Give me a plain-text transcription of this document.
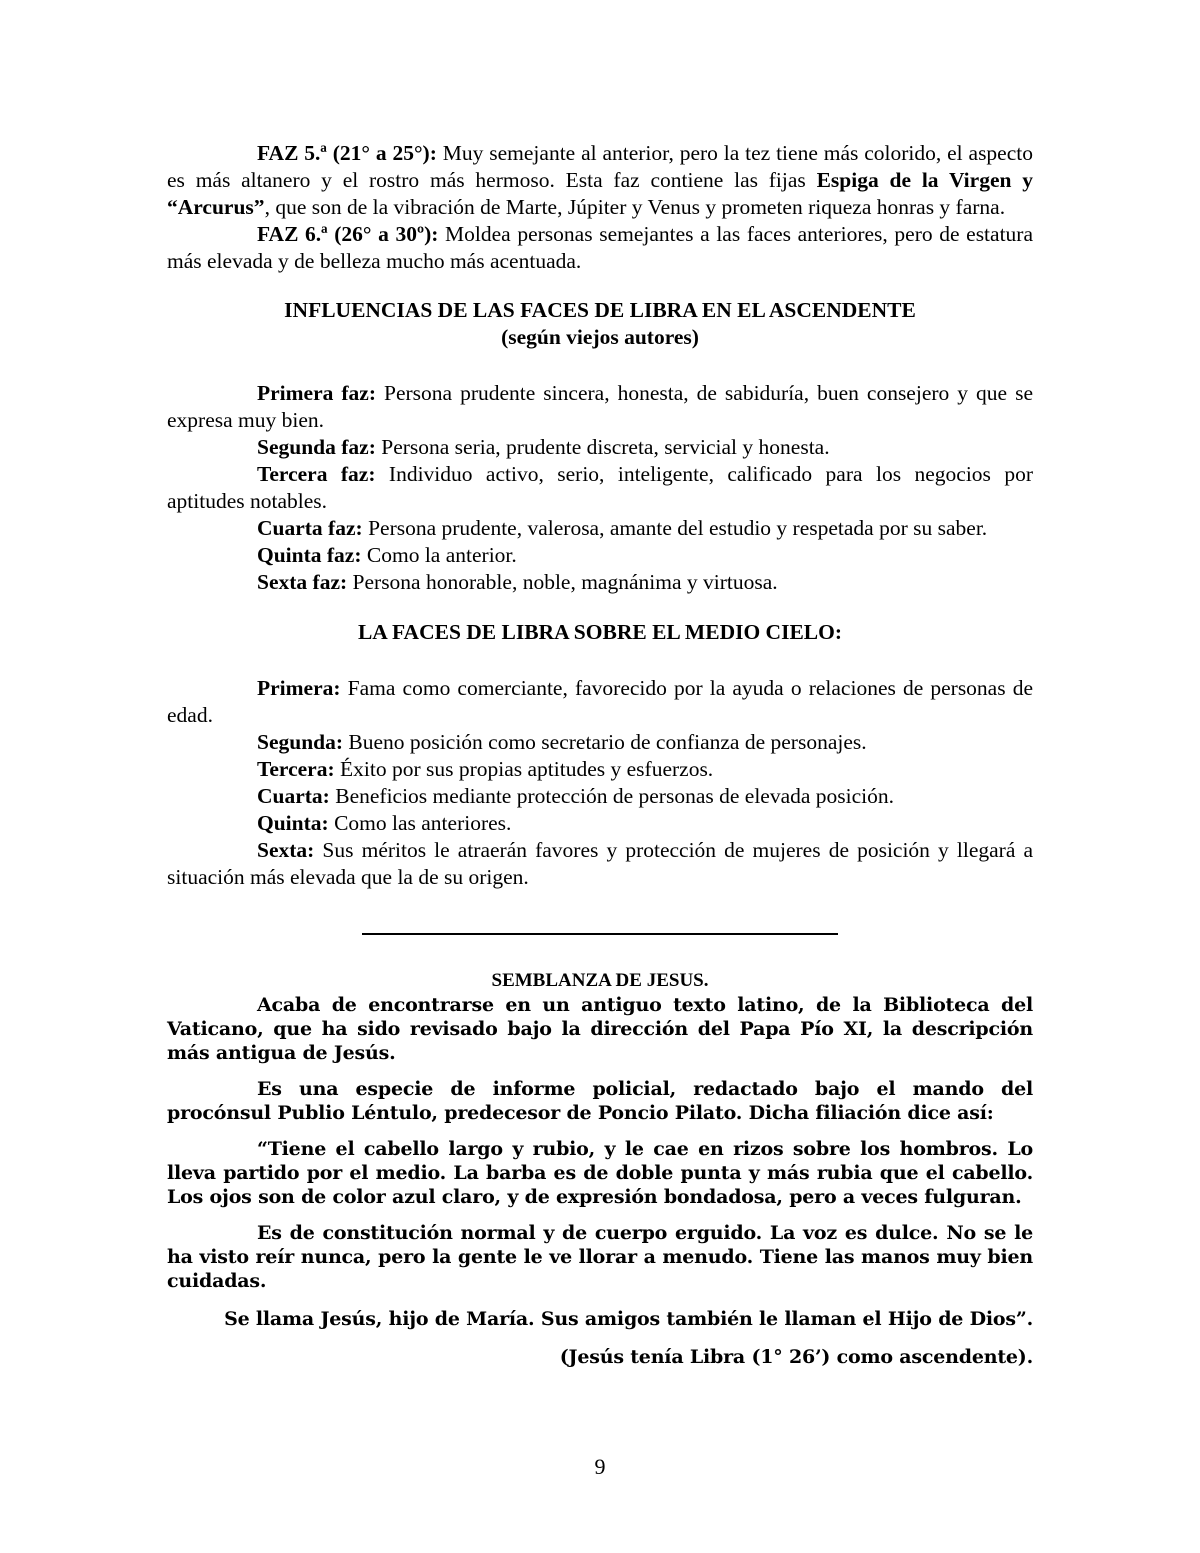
FAZ 5.ª (21° a 25°): Muy semejante al anterior, pero la tez tiene más colorido, el aspecto es más altanero y el rostro más hermoso. Esta faz contiene las fijas Espiga de la Virgen y “Arcurus”, que son de la vibración de Marte, Júpiter y Venus y prometen riqueza honras y farna.

FAZ 6.ª (26° a 30º): Moldea personas semejantes a las faces anteriores, pero de estatura más elevada y de belleza mucho más acentuada.

INFLUENCIAS DE LAS FACES DE LIBRA EN EL ASCENDENTE
(según viejos autores)

Primera faz: Persona prudente sincera, honesta, de sabiduría, buen consejero y que se expresa muy bien.

Segunda faz: Persona seria, prudente discreta, servicial y honesta.

Tercera faz: Individuo activo, serio, inteligente, calificado para los negocios por aptitudes notables.

Cuarta faz: Persona prudente, valerosa, amante del estudio y respetada por su saber.

Quinta faz: Como la anterior.

Sexta faz: Persona honorable, noble, magnánima y virtuosa.

LA FACES DE LIBRA SOBRE EL MEDIO CIELO:

Primera: Fama como comerciante, favorecido por la ayuda o relaciones de personas de edad.

Segunda: Bueno posición como secretario de confianza de personajes.

Tercera: Éxito por sus propias aptitudes y esfuerzos.

Cuarta: Beneficios mediante protección de personas de elevada posición.

Quinta: Como las anteriores.

Sexta: Sus méritos le atraerán favores y protección de mujeres de posición y llegará a situación más elevada que la de su origen.

SEMBLANZA DE JESUS.

Acaba de encontrarse en un antiguo texto latino, de la Biblioteca del Vaticano, que ha sido revisado bajo la dirección del Papa Pío XI, la descripción más antigua de Jesús.

Es una especie de informe policial, redactado bajo el mando del procónsul Publio Léntulo, predecesor de Poncio Pilato. Dicha filiación dice así:

“Tiene el cabello largo y rubio, y le cae en rizos sobre los hombros. Lo lleva partido por el medio. La barba es de doble punta y más rubia que el cabello. Los ojos son de color azul claro, y de expresión bondadosa, pero a veces fulguran.

Es de constitución normal y de cuerpo erguido. La voz es dulce. No se le ha visto reír nunca, pero la gente le ve llorar a menudo. Tiene las manos muy bien cuidadas.

Se llama Jesús, hijo de María. Sus amigos también le llaman el Hijo de Dios”.

(Jesús tenía Libra (1° 26’) como ascendente).

9
